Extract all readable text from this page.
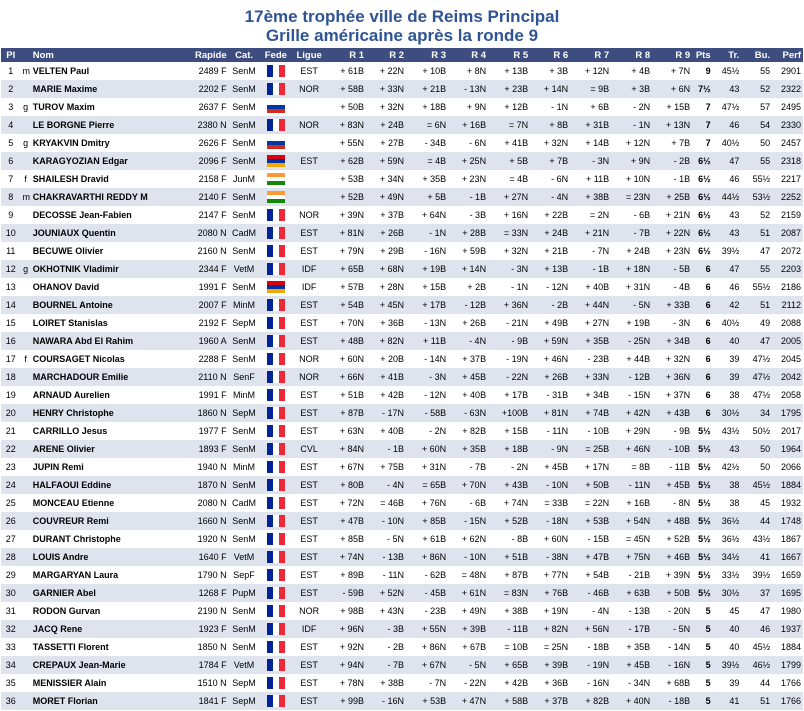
17ème trophée ville de Reims Principal
Grille américaine après la ronde 9
Pl		Nom	Rapide	Cat.	Fede	Ligue	R 1	R 2	R 3	R 4	R 5	R 6	R 7	R 8	R 9	Pts	Tr.	Bu.	Perf
1	m	VELTEN Paul	2489 F	SenM		EST	+ 61B	+ 22N	+ 10B	+ 8N	+ 13B	+ 3B	+ 12N	+ 4B	+ 7N	9	45½	55	2901
2		MARIE Maxime	2202 F	SenM		NOR	+ 58B	+ 33N	+ 21B	- 13N	+ 23B	+ 14N	= 9B	+ 3B	+ 6N	7½	43	52	2322
3	g	TUROV Maxim	2637 F	SenM			+ 50B	+ 32N	+ 18B	+ 9N	+ 12B	- 1N	+ 6B	- 2N	+ 15B	7	47½	57	2495
4		LE BORGNE Pierre	2380 N	SenM		NOR	+ 83N	+ 24B	= 6N	+ 16B	= 7N	+ 8B	+ 31B	- 1N	+ 13N	7	46	54	2330
5	g	KRYAKVIN Dmitry	2626 F	SenM			+ 55N	+ 27B	- 34B	- 6N	+ 41B	+ 32N	+ 14B	+ 12N	+ 7B	7	40½	50	2457
6		KARAGYOZIAN Edgar	2096 F	SenM		EST	+ 62B	+ 59N	= 4B	+ 25N	+ 5B	+ 7B	- 3N	+ 9N	- 2B	6½	47	55	2318
7	f	SHAILESH Dravid	2158 F	JunM			+ 53B	+ 34N	+ 35B	+ 23N	= 4B	- 6N	+ 11B	+ 10N	- 1B	6½	46	55½	2217
8	m	CHAKRAVARTHI REDDY M	2140 F	SenM			+ 52B	+ 49N	+ 5B	- 1B	+ 27N	- 4N	+ 38B	= 23N	+ 25B	6½	44½	53½	2252
9		DECOSSE Jean-Fabien	2147 F	SenM		NOR	+ 39N	+ 37B	+ 64N	- 3B	+ 16N	+ 22B	= 2N	- 6B	+ 21N	6½	43	52	2159
10		JOUNIAUX Quentin	2080 N	CadM		EST	+ 81N	+ 26B	- 1N	+ 28B	= 33N	+ 24B	+ 21N	- 7B	+ 22N	6½	43	51	2087
11		BECUWE Olivier	2160 N	SenM		EST	+ 79N	+ 29B	- 16N	+ 59B	+ 32N	+ 21B	- 7N	+ 24B	+ 23N	6½	39½	47	2072
12	g	OKHOTNIK Vladimir	2344 F	VetM		IDF	+ 65B	+ 68N	+ 19B	+ 14N	- 3N	+ 13B	- 1B	+ 18N	- 5B	6	47	55	2203
13		OHANOV David	1991 F	SenM		IDF	+ 57B	+ 28N	+ 15B	+ 2B	- 1N	- 12N	+ 40B	+ 31N	- 4B	6	46	55½	2186
14		BOURNEL Antoine	2007 F	MinM		EST	+ 54B	+ 45N	+ 17B	- 12B	+ 36N	- 2B	+ 44N	- 5N	+ 33B	6	42	51	2112
15		LOIRET Stanislas	2192 F	SepM		EST	+ 70N	+ 36B	- 13N	+ 26B	- 21N	+ 49B	+ 27N	+ 19B	- 3N	6	40½	49	2088
16		NAWARA Abd El Rahim	1960 A	SenM		EST	+ 48B	+ 82N	+ 11B	- 4N	- 9B	+ 59N	+ 35B	- 25N	+ 34B	6	40	47	2005
17	f	COURSAGET Nicolas	2288 F	SenM		NOR	+ 60N	+ 20B	- 14N	+ 37B	- 19N	+ 46N	- 23B	+ 44B	+ 32N	6	39	47½	2045
18		MARCHADOUR Emilie	2110 N	SenF		NOR	+ 66N	+ 41B	- 3N	+ 45B	- 22N	+ 26B	+ 33N	- 12B	+ 36N	6	39	47½	2042
19		ARNAUD Aurelien	1991 F	MinM		EST	+ 51B	+ 42B	- 12N	+ 40B	+ 17B	- 31B	+ 34B	- 15N	+ 37N	6	38	47½	2058
20		HENRY Christophe	1860 N	SepM		EST	+ 87B	- 17N	- 58B	- 63N	+100B	+ 81N	+ 74B	+ 42N	+ 43B	6	30½	34	1795
21		CARRILLO Jesus	1977 F	SenM		EST	+ 63N	+ 40B	- 2N	+ 82B	+ 15B	- 11N	- 10B	+ 29N	- 9B	5½	43½	50½	2017
22		ARENE Olivier	1893 F	SenM		CVL	+ 84N	- 1B	+ 60N	+ 35B	+ 18B	- 9N	= 25B	+ 46N	- 10B	5½	43	50	1964
23		JUPIN Remi	1940 N	MinM		EST	+ 67N	+ 75B	+ 31N	- 7B	- 2N	+ 45B	+ 17N	= 8B	- 11B	5½	42½	50	2066
24		HALFAOUI Eddine	1870 N	SenM		EST	+ 80B	- 4N	= 65B	+ 70N	+ 43B	- 10N	+ 50B	- 11N	+ 45B	5½	38	45½	1884
25		MONCEAU Etienne	2080 N	CadM		EST	+ 72N	= 46B	+ 76N	- 6B	+ 74N	= 33B	= 22N	+ 16B	- 8N	5½	38	45	1932
26		COUVREUR Remi	1660 N	SenM		EST	+ 47B	- 10N	+ 85B	- 15N	+ 52B	- 18N	+ 53B	+ 54N	+ 48B	5½	36½	44	1748
27		DURANT Christophe	1920 N	SenM		EST	+ 85B	- 5N	+ 61B	+ 62N	- 8B	+ 60N	- 15B	= 45N	+ 52B	5½	36½	43½	1867
28		LOUIS Andre	1640 F	VetM		EST	+ 74N	- 13B	+ 86N	- 10N	+ 51B	- 38N	+ 47B	+ 75N	+ 46B	5½	34½	41	1667
29		MARGARYAN Laura	1790 N	SepF		EST	+ 89B	- 11N	- 62B	= 48N	+ 87B	+ 77N	+ 54B	- 21B	+ 39N	5½	33½	39½	1659
30		GARNIER Abel	1268 F	PupM		EST	- 59B	+ 52N	- 45B	+ 61N	= 83N	+ 76B	- 46B	+ 63B	+ 50B	5½	30½	37	1695
31		RODON Gurvan	2190 N	SenM		NOR	+ 98B	+ 43N	- 23B	+ 49N	+ 38B	+ 19N	- 4N	- 13B	- 20N	5	45	47	1980
32		JACQ Rene	1923 F	SenM		IDF	+ 96N	- 3B	+ 55N	+ 39B	- 11B	+ 82N	+ 56N	- 17B	- 5N	5	40	46	1937
33		TASSETTI Florent	1850 N	SenM		EST	+ 92N	- 2B	+ 86N	+ 67B	= 10B	= 25N	- 18B	+ 35B	- 14N	5	40	45½	1884
34		CREPAUX Jean-Marie	1784 F	VetM		EST	+ 94N	- 7B	+ 67N	- 5N	+ 65B	+ 39B	- 19N	+ 45B	- 16N	5	39½	46½	1799
35		MENISSIER Alain	1510 N	SepM		EST	+ 78N	+ 38B	- 7N	- 22N	+ 42B	+ 36B	- 16N	- 34N	+ 68B	5	39	44	1766
36		MORET Florian	1841 F	SepM		EST	+ 99B	- 16N	+ 53B	+ 47N	+ 58B	+ 37B	+ 82B	+ 40N	- 18B	5	41	51	1766
